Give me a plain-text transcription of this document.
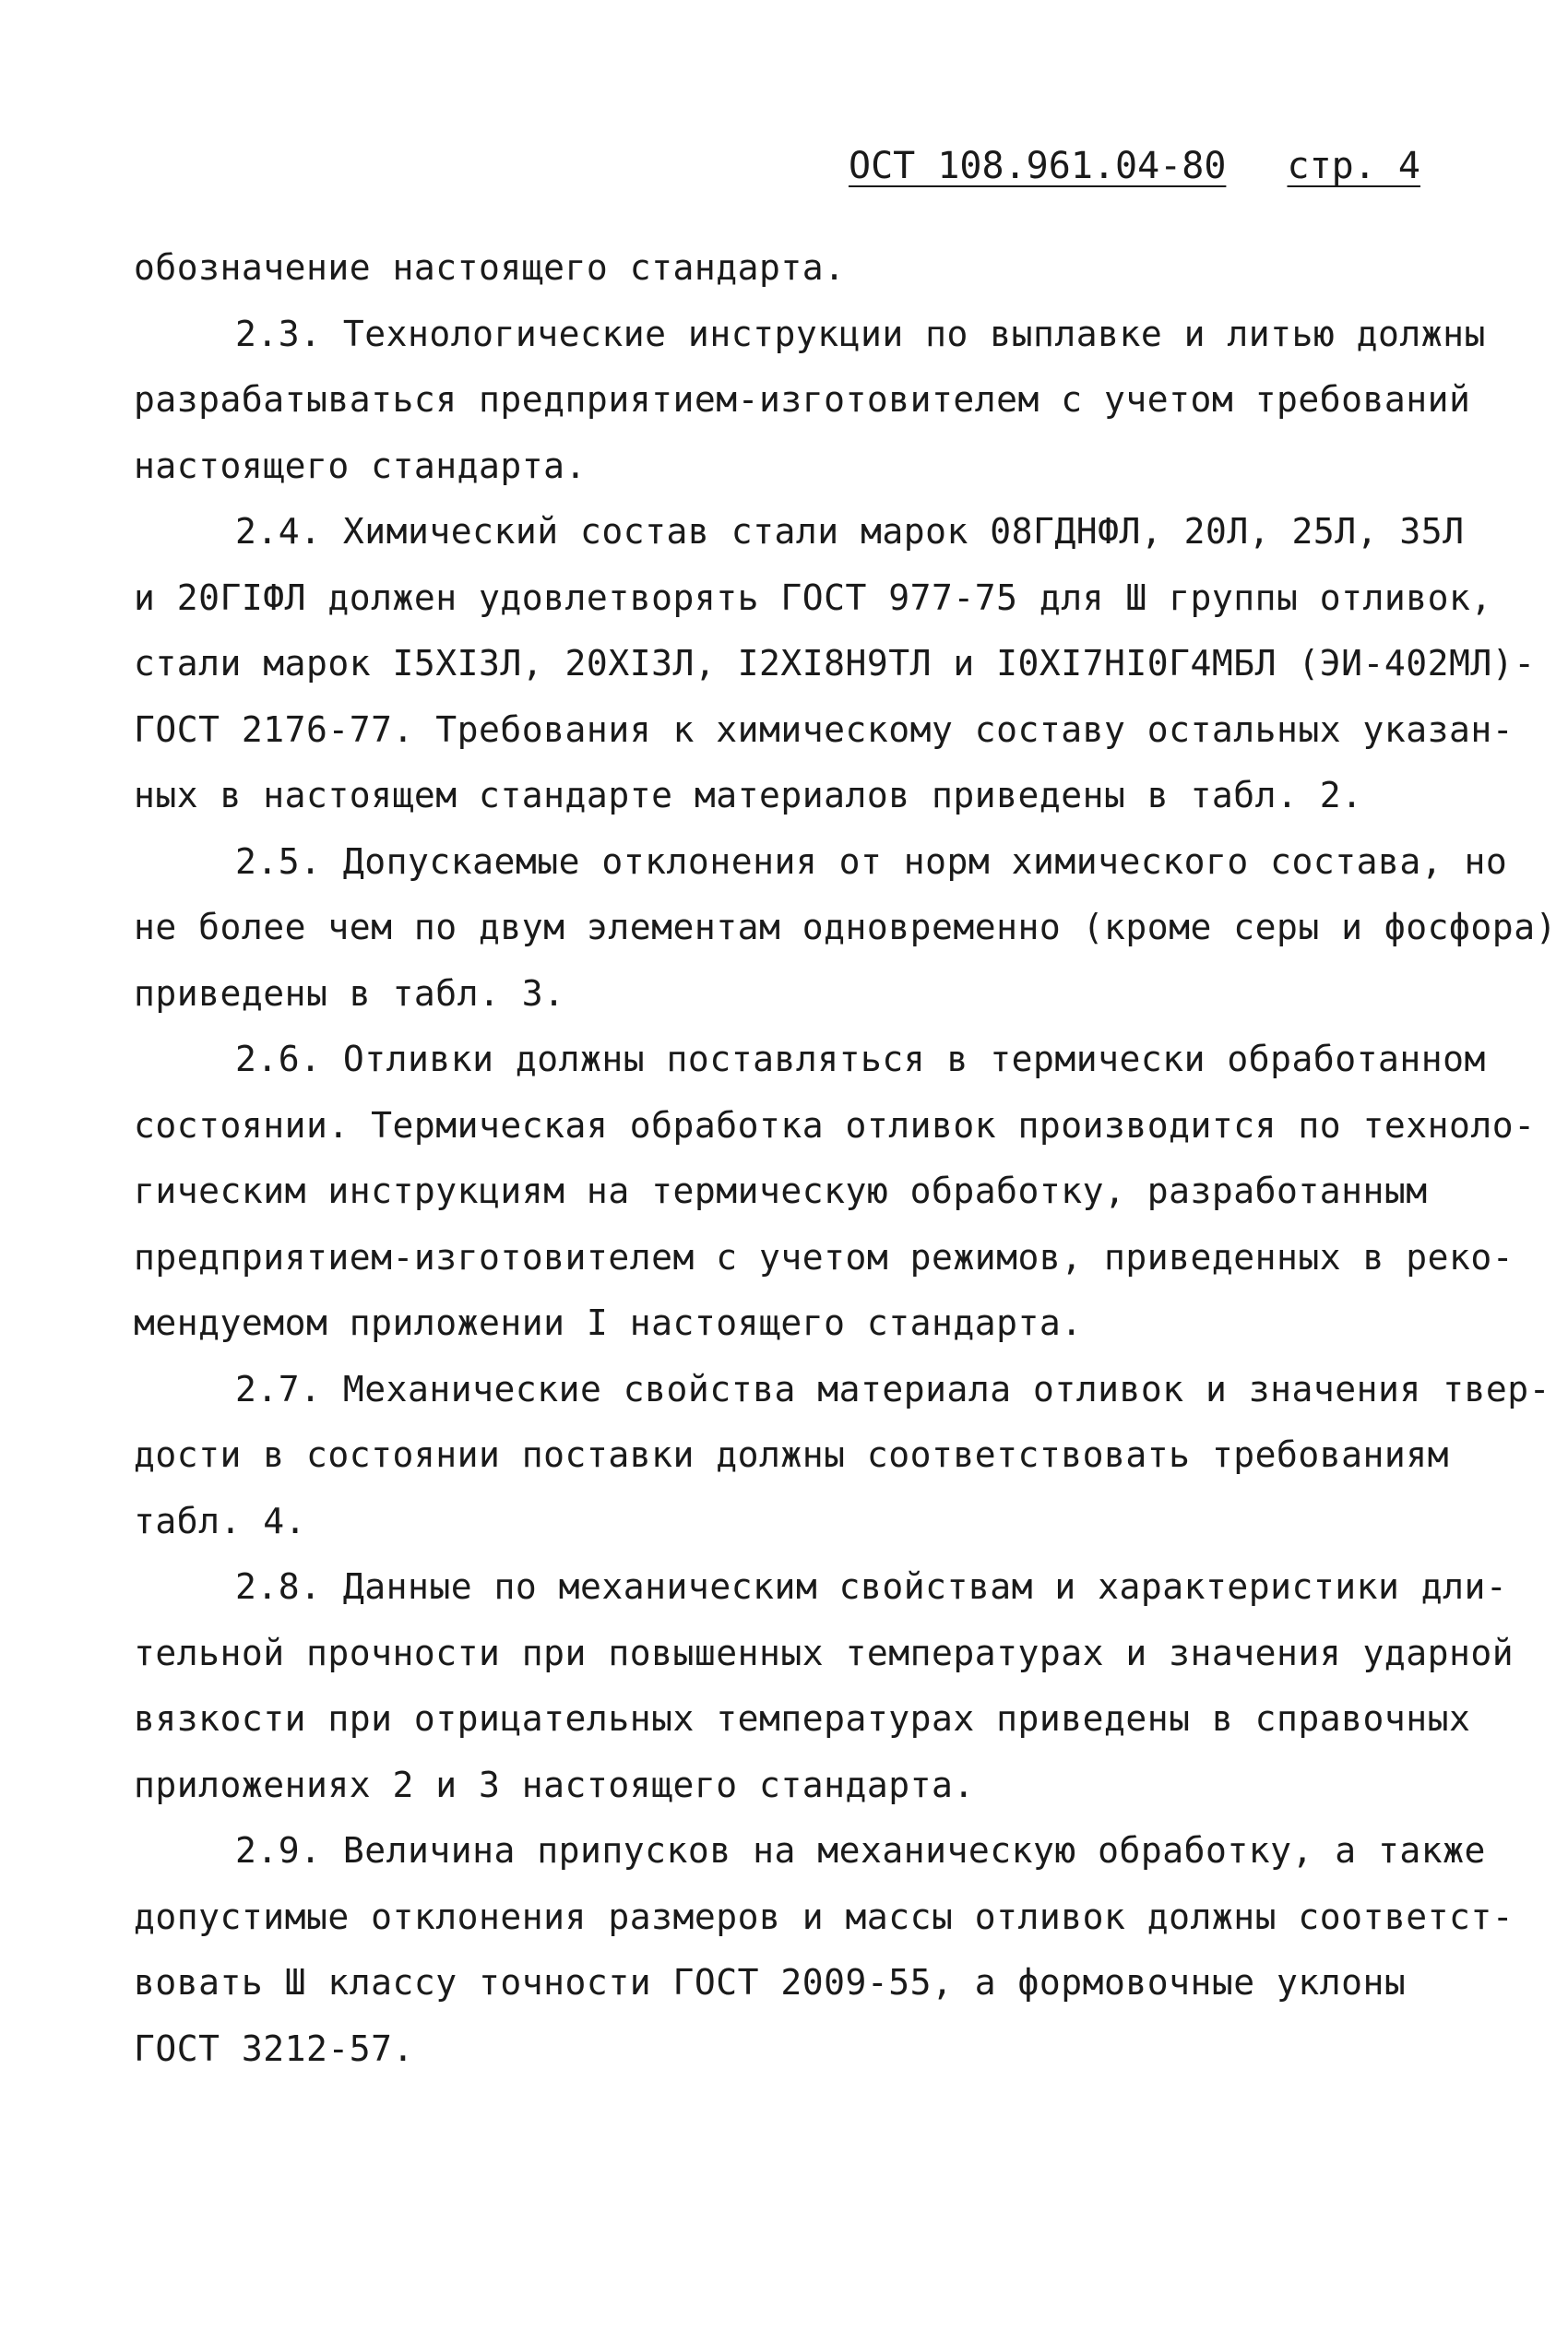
ОСТ 108.961.04-80 стр. 4
обозначение настоящего стандарта.
2.3. Технологические инструкции по выплавке и литью должны
разрабатываться предприятием-изготовителем с учетом требований
настоящего стандарта.
2.4. Химический состав стали марок 08ГДНФЛ, 20Л, 25Л, 35Л
и 20ГIФЛ должен удовлетворять ГОСТ 977-75 для Ш группы отливок,
стали марок I5XI3Л, 20XI3Л, I2XI8H9TЛ и I0XI7HI0Г4МБЛ (ЭИ-402МЛ)-
ГОСТ 2176-77. Требования к химическому составу остальных указан-
ных в настоящем стандарте материалов приведены в табл. 2.
2.5. Допускаемые отклонения от норм химического состава, но
не более чем по двум элементам одновременно (кроме серы и фосфора)
приведены в табл. 3.
2.6. Отливки должны поставляться в термически обработанном
состоянии. Термическая обработка отливок производится по техноло-
гическим инструкциям на термическую обработку, разработанным
предприятием-изготовителем с учетом режимов, приведенных в реко-
мендуемом приложении I настоящего стандарта.
2.7. Механические свойства материала отливок и значения твер-
дости в состоянии поставки должны соответствовать требованиям
табл. 4.
2.8. Данные по механическим свойствам и характеристики дли-
тельной прочности при повышенных температурах и значения ударной
вязкости при отрицательных температурах приведены в справочных
приложениях 2 и 3 настоящего стандарта.
2.9. Величина припусков на механическую обработку, а также
допустимые отклонения размеров и массы отливок должны соответст-
вовать Ш классу точности ГОСТ 2009-55, а формовочные уклоны
ГОСТ 3212-57.
